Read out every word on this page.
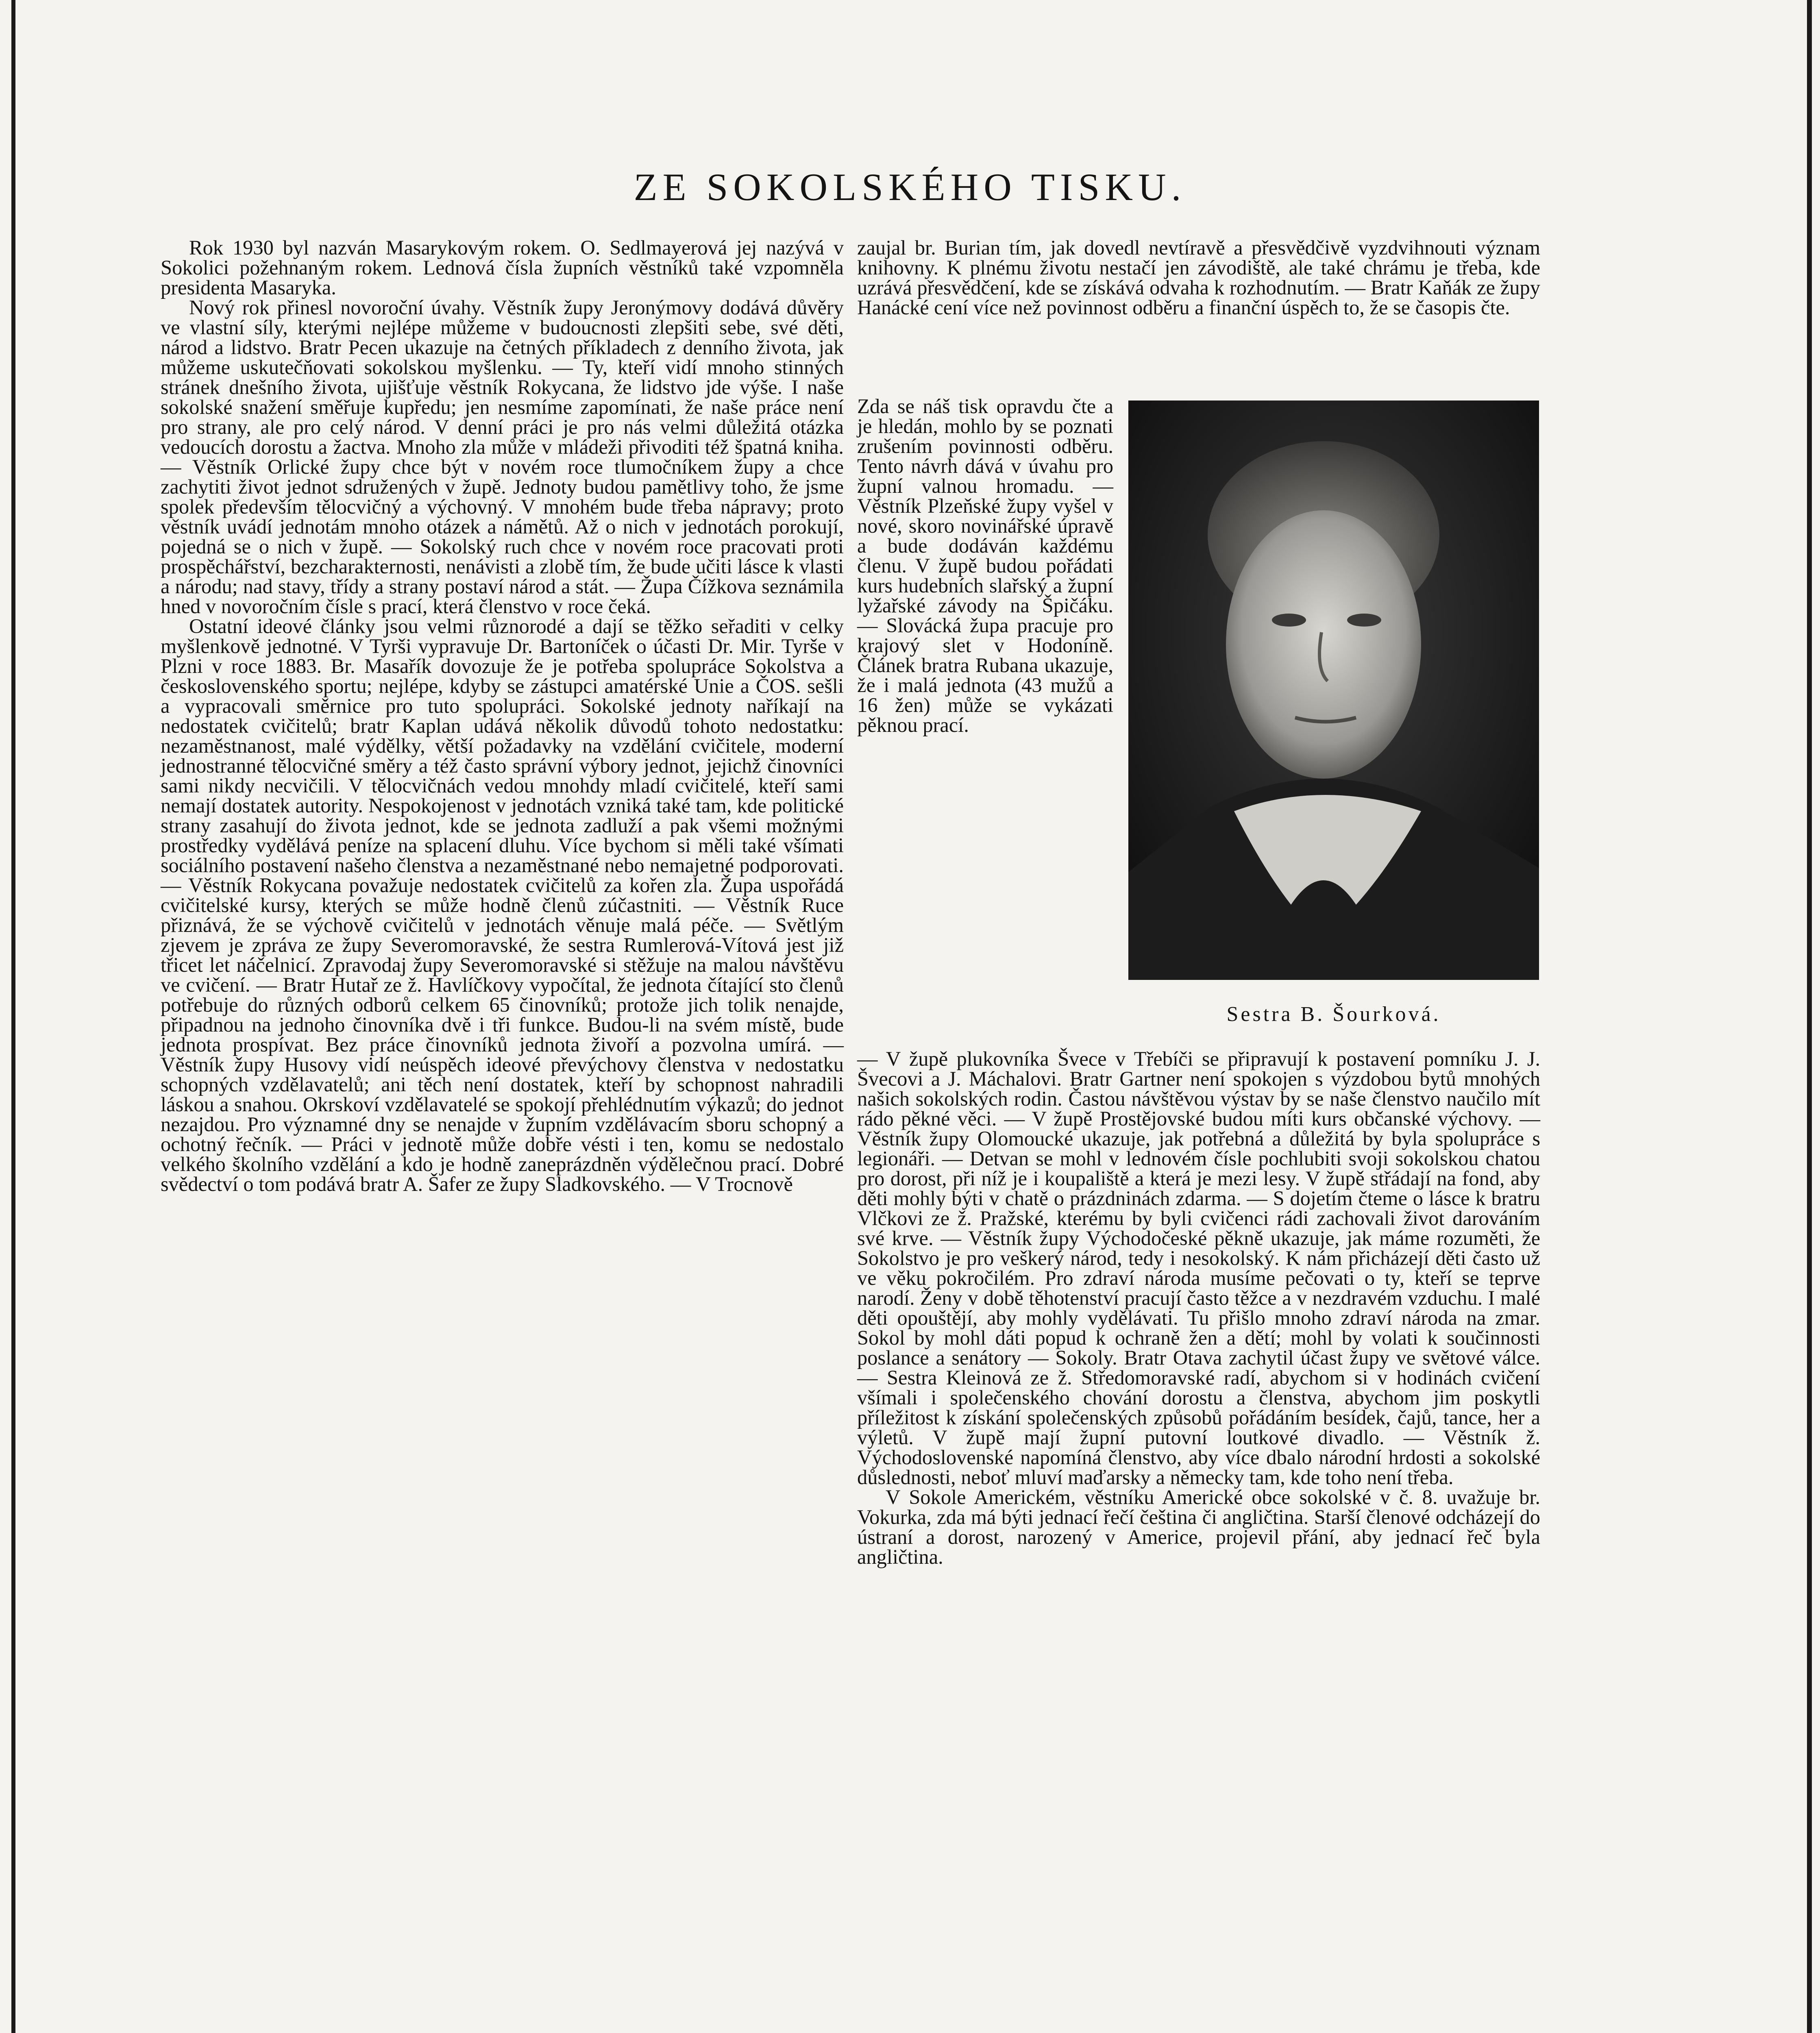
ZE SOKOLSKÉHO TISKU.

Rok 1930 byl nazván Masarykovým rokem. O. Sedlmayerová jej nazývá v Sokolici požehnaným rokem. Lednová čísla župních věstníků také vzpomněla presidenta Masaryka.

Nový rok přinesl novoroční úvahy. Věstník župy Jeronýmovy dodává důvěry ve vlastní síly, kterými nejlépe můžeme v budoucnosti zlepšiti sebe, své děti, národ a lidstvo. Bratr Pecen ukazuje na četných příkladech z denního života, jak můžeme uskutečňovati sokolskou myšlenku. — Ty, kteří vidí mnoho stinných stránek dnešního života, ujišťuje věstník Rokycana, že lidstvo jde výše. I naše sokolské snažení směřuje kupředu; jen nesmíme zapomínati, že naše práce není pro strany, ale pro celý národ. V denní práci je pro nás velmi důležitá otázka vedoucích dorostu a žactva. Mnoho zla může v mládeži přivoditi též špatná kniha. — Věstník Orlické župy chce být v novém roce tlumočníkem župy a chce zachytiti život jednot sdružených v župě. Jednoty budou pamětlivy toho, že jsme spolek především tělocvičný a výchovný. V mnohém bude třeba nápravy; proto věstník uvádí jednotám mnoho otázek a námětů. Až o nich v jednotách porokují, pojedná se o nich v župě. — Sokolský ruch chce v novém roce pracovati proti prospěchářství, bezcharakternosti, nenávisti a zlobě tím, že bude učiti lásce k vlasti a národu; nad stavy, třídy a strany postaví národ a stát. — Župa Čížkova seznámila hned v novoročním čísle s prací, která členstvo v roce čeká.

Ostatní ideové články jsou velmi různorodé a dají se těžko seřaditi v celky myšlenkově jednotné. V Tyrši vypravuje Dr. Bartoníček o účasti Dr. Mir. Tyrše v Plzni v roce 1883. Br. Masařík dovozuje že je potřeba spolupráce Sokolstva a československého sportu; nejlépe, kdyby se zástupci amatérské Unie a ČOS. sešli a vypracovali směrnice pro tuto spolupráci. Sokolské jednoty naříkají na nedostatek cvičitelů; bratr Kaplan udává několik důvodů tohoto nedostatku: nezaměstnanost, malé výdělky, větší požadavky na vzdělání cvičitele, moderní jednostranné tělocvičné směry a též často správní výbory jednot, jejichž činovníci sami nikdy necvičili. V tělocvičnách vedou mnohdy mladí cvičitelé, kteří sami nemají dostatek autority. Nespokojenost v jednotách vzniká také tam, kde politické strany zasahují do života jednot, kde se jednota zadluží a pak všemi možnými prostředky vydělává peníze na splacení dluhu. Více bychom si měli také všímati sociálního postavení našeho členstva a nezaměstnané nebo nemajetné podporovati. — Věstník Rokycana považuje nedostatek cvičitelů za kořen zla. Župa uspořádá cvičitelské kursy, kterých se může hodně členů zúčastniti. — Věstník Ruce přiznává, že se výchově cvičitelů v jednotách věnuje malá péče. — Světlým zjevem je zpráva ze župy Severomoravské, že sestra Rumlerová-Vítová jest již třicet let náčelnicí. Zpravodaj župy Severomoravské si stěžuje na malou návštěvu ve cvičení. — Bratr Hutař ze ž. Havlíčkovy vypočítal, že jednota čítající sto členů potřebuje do různých odborů celkem 65 činovníků; protože jich tolik nenajde, připadnou na jednoho činovníka dvě i tři funkce. Budou-li na svém místě, bude jednota prospívat. Bez práce činovníků jednota živoří a pozvolna umírá. — Věstník župy Husovy vidí neúspěch ideové převýchovy členstva v nedostatku schopných vzdělavatelů; ani těch není dostatek, kteří by schopnost nahradili láskou a snahou. Okrskoví vzdělavatelé se spokojí přehlédnutím výkazů; do jednot nezajdou. Pro významné dny se nenajde v župním vzdělávacím sboru schopný a ochotný řečník. — Práci v jednotě může dobře vésti i ten, komu se nedostalo velkého školního vzdělání a kdo je hodně zaneprázdněn výdělečnou prací. Dobré svědectví o tom podává bratr A. Šafer ze župy Sladkovského. — V Trocnově

zaujal br. Burian tím, jak dovedl nevtíravě a přesvědčivě vyzdvihnouti význam knihovny. K plnému životu nestačí jen závodiště, ale také chrámu je třeba, kde uzrává přesvědčení, kde se získává odvaha k rozhodnutím. — Bratr Kaňák ze župy Hanácké cení více než povinnost odběru a finanční úspěch to, že se časopis čte.

Zda se náš tisk opravdu čte a je hledán, mohlo by se poznati zrušením povinnosti odběru. Tento návrh dává v úvahu pro župní valnou hromadu. — Věstník Plzeňské župy vyšel v nové, skoro novinářské úpravě a bude dodáván každému členu. V župě budou pořádati kurs hudebních slařský a župní lyžařské závody na Špičáku. — Slovácká župa pracuje pro krajový slet v Hodoníně. Článek bratra Rubana ukazuje, že i malá jednota (43 mužů a 16 žen) může se vykázati pěknou prací.

Sestra B. Šourková.

— V župě plukovníka Švece v Třebíči se připravují k postavení pomníku J. J. Švecovi a J. Máchalovi. Bratr Gartner není spokojen s výzdobou bytů mnohých našich sokolských rodin. Častou návštěvou výstav by se naše členstvo naučilo mít rádo pěkné věci. — V župě Prostějovské budou míti kurs občanské výchovy. — Věstník župy Olomoucké ukazuje, jak potřebná a důležitá by byla spolupráce s legionáři. — Detvan se mohl v lednovém čísle pochlubiti svoji sokolskou chatou pro dorost, při níž je i koupaliště a která je mezi lesy. V župě střádají na fond, aby děti mohly býti v chatě o prázdninách zdarma. — S dojetím čteme o lásce k bratru Vlčkovi ze ž. Pražské, kterému by byli cvičenci rádi zachovali život darováním své krve. — Věstník župy Východočeské pěkně ukazuje, jak máme rozuměti, že Sokolstvo je pro veškerý národ, tedy i nesokolský. K nám přicházejí děti často už ve věku pokročilém. Pro zdraví národa musíme pečovati o ty, kteří se teprve narodí. Ženy v době těhotenství pracují často těžce a v nezdravém vzduchu. I malé děti opouštějí, aby mohly vydělávati. Tu přišlo mnoho zdraví národa na zmar. Sokol by mohl dáti popud k ochraně žen a dětí; mohl by volati k součinnosti poslance a senátory — Sokoly. Bratr Otava zachytil účast župy ve světové válce. — Sestra Kleinová ze ž. Středomoravské radí, abychom si v hodinách cvičení všímali i společenského chování dorostu a členstva, abychom jim poskytli příležitost k získání společenských způsobů pořádáním besídek, čajů, tance, her a výletů. V župě mají župní putovní loutkové divadlo. — Věstník ž. Východoslovenské napomíná členstvo, aby více dbalo národní hrdosti a sokolské důslednosti, neboť mluví maďarsky a německy tam, kde toho není třeba.

V Sokole Americkém, věstníku Americké obce sokolské v č. 8. uvažuje br. Vokurka, zda má býti jednací řečí čeština či angličtina. Starší členové odcházejí do ústraní a dorost, narozený v Americe, projevil přání, aby jednací řeč byla angličtina.
